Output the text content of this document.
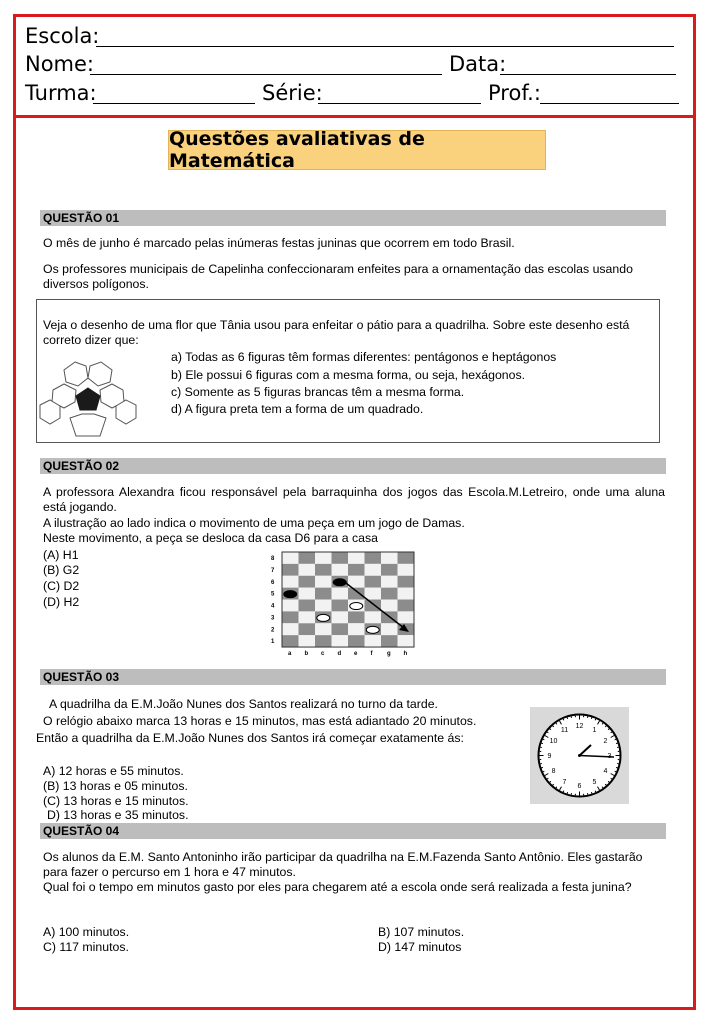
Escola:
Nome:	Data:
Turma:	Série:	Prof.:
Questões avaliativas de Matemática
QUESTÃO 01
O mês de junho é marcado pelas inúmeras festas juninas que ocorrem em todo Brasil.
Os professores municipais de Capelinha confeccionaram enfeites para a ornamentação das escolas usando diversos polígonos.
Veja o desenho de uma flor que Tânia usou para enfeitar o pátio para a quadrilha. Sobre este desenho está correto dizer que:
a) Todas as 6 figuras têm formas diferentes: pentágonos e heptágonos
b) Ele possui 6 figuras com a mesma forma, ou seja, hexágonos.
c) Somente as 5 figuras brancas têm a mesma forma.
d) A figura preta tem a forma de um quadrado.
QUESTÃO 02
A professora Alexandra ficou responsável pela barraquinha dos jogos das Escola.M.Letreiro, onde uma aluna está jogando.
A ilustração ao lado indica o movimento de uma peça em um jogo de Damas.
Neste movimento, a peça se desloca da casa D6 para a casa
(A) H1
(B) G2
(C) D2
(D) H2
8
7
6
5
4
3
2
1
a b c d e f g h
QUESTÃO 03
A quadrilha da E.M.João Nunes dos Santos realizará no turno da tarde.
O relógio abaixo marca 13 horas e 15 minutos, mas está adiantado 20 minutos.
Então a quadrilha da E.M.João Nunes dos Santos irá começar exatamente ás:
A) 12 horas e 55 minutos.
(B) 13 horas e 05 minutos.
(C) 13 horas e 15 minutos.
D) 13 horas e 35 minutos.
12
1
2
4
5
6
7
8
9
10
11
QUESTÃO 04
Os alunos da E.M. Santo Antoninho irão participar da quadrilha na E.M.Fazenda Santo Antônio. Eles gastarão para fazer o percurso em 1 hora e 47 minutos.
Qual foi o tempo em minutos gasto por eles para chegarem até a escola onde será realizada a festa junina?
A) 100 minutos.	B) 107 minutos.
C) 117 minutos.	D) 147 minutos
